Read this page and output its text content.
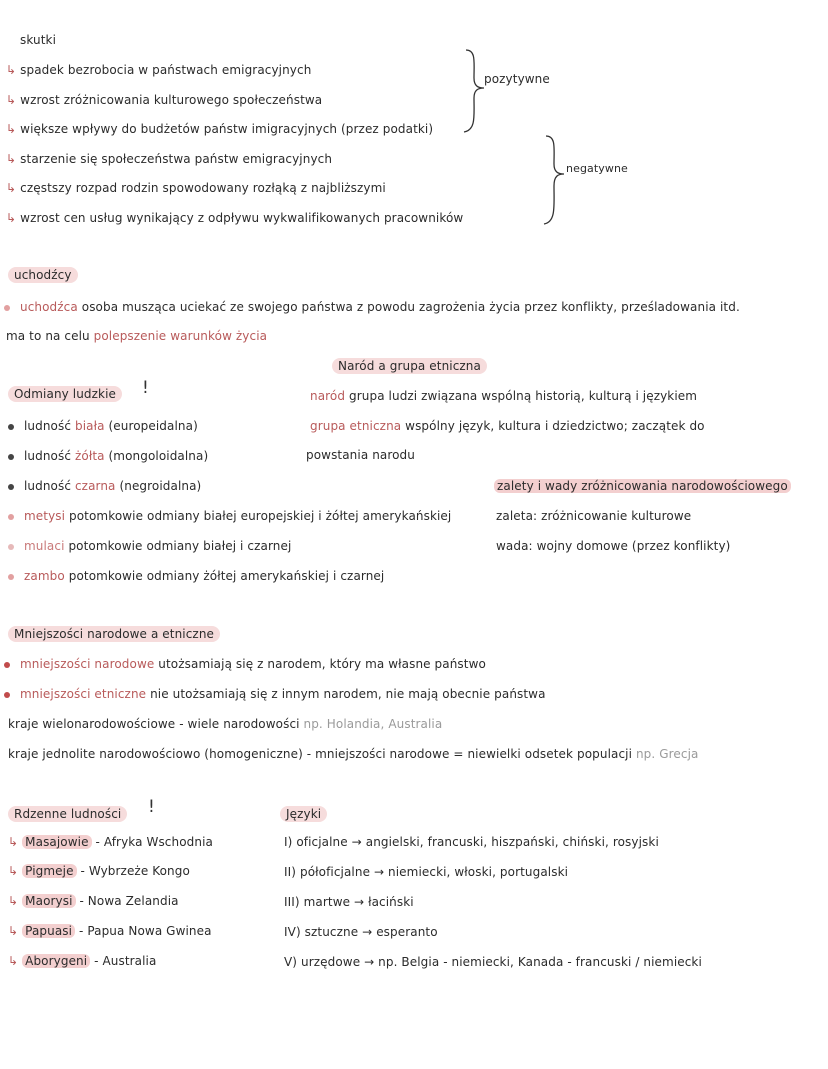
skutki
↳ spadek bezrobocia w państwach emigracyjnych
↳ wzrost zróżnicowania kulturowego społeczeństwa
↳ większe wpływy do budżetów państw imigracyjnych (przez podatki)
↳ starzenie się społeczeństwa państw emigracyjnych
↳ częstszy rozpad rodzin spowodowany rozłąką z najbliższymi
↳ wzrost cen usług wynikający z odpływu wykwalifikowanych pracowników
pozytywne
negatywne
uchodźcy
uchodźca osoba musząca uciekać ze swojego państwa z powodu zagrożenia życia przez konflikty, prześladowania itd.
ma to na celu polepszenie warunków życia
Naród a grupa etniczna
naród grupa ludzi związana wspólną historią, kulturą i językiem
grupa etniczna wspólny język, kultura i dziedzictwo; zaczątek do
powstania narodu
Odmiany ludzkie	!
ludność biała (europeidalna)
ludność żółta (mongoloidalna)
ludność czarna (negroidalna)
metysi potomkowie odmiany białej europejskiej i żółtej amerykańskiej
mulaci potomkowie odmiany białej i czarnej
zambo potomkowie odmiany żółtej amerykańskiej i czarnej
zalety i wady zróżnicowania narodowościowego
zaleta: zróżnicowanie kulturowe
wada: wojny domowe (przez konflikty)
Mniejszości narodowe a etniczne
mniejszości narodowe utożsamiają się z narodem, który ma własne państwo
mniejszości etniczne nie utożsamiają się z innym narodem, nie mają obecnie państwa
kraje wielonarodowościowe - wiele narodowości np. Holandia, Australia
kraje jednolite narodowościowo (homogeniczne) - mniejszości narodowe = niewielki odsetek populacji np. Grecja
Rdzenne ludności	!
↳ Masajowie - Afryka Wschodnia
↳ Pigmeje - Wybrzeże Kongo
↳ Maorysi - Nowa Zelandia
↳ Papuasi - Papua Nowa Gwinea
↳ Aborygeni - Australia
Języki
I) oficjalne → angielski, francuski, hiszpański, chiński, rosyjski
II) półoficjalne → niemiecki, włoski, portugalski
III) martwe → łaciński
IV) sztuczne → esperanto
V) urzędowe → np. Belgia - niemiecki, Kanada - francuski / niemiecki
